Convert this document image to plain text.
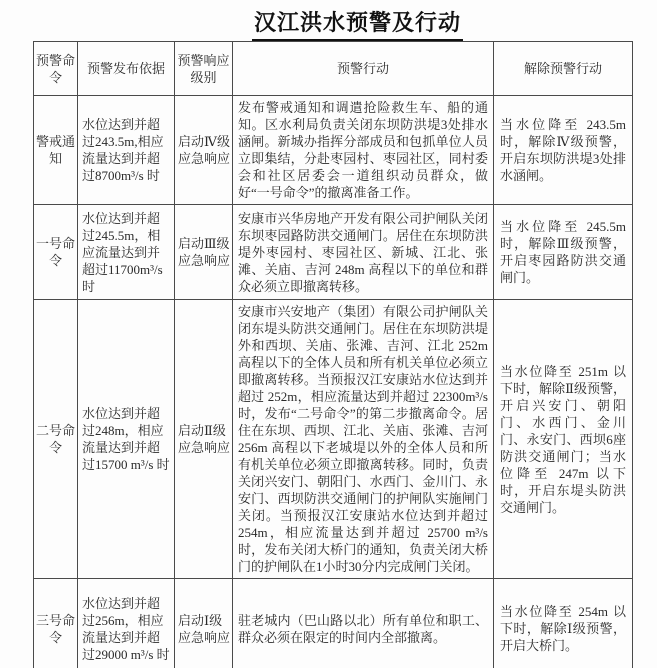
汉江洪水预警及行动
预警命令	预警发布依据	预警响应级别	预警行动	解除预警行动
警戒通知	水位达到并超过243.5m,相应流量达到并超过8700m³/s 时	启动Ⅳ级应急响应	发布警戒通知和调遣抢险救生车、船的通知。区水利局负责关闭东坝防洪堤3处排水涵闸。新城办指挥分部成员和包抓单位人员立即集结，分赴枣园村、枣园社区，同村委会和社区居委会一道组织动员群众，做好“一号命令”的撤离准备工作。	当水位降至 243.5m 时，解除Ⅳ级预警，开启东坝防洪堤3处排水涵闸。
一号命令	水位达到并超过245.5m，相应流量达到并超过11700m³/s 时	启动Ⅲ级应急响应	安康市兴华房地产开发有限公司护闸队关闭东坝枣园路防洪交通闸门。居住在东坝防洪堤外枣园村、枣园社区、新城、江北、张滩、关庙、吉河 248m 高程以下的单位和群众必须立即撤离转移。	当水位降至 245.5m 时，解除Ⅲ级预警，开启枣园路防洪交通闸门。
二号命令	水位达到并超过248m，相应流量达到并超过15700 m³/s 时	启动Ⅱ级应急响应	安康市兴安地产（集团）有限公司护闸队关闭东堤头防洪交通闸门。居住在东坝防洪堤外和西坝、关庙、张滩、吉河、江北 252m 高程以下的全体人员和所有机关单位必须立即撤离转移。当预报汉江安康站水位达到并超过 252m，相应流量达到并超过 22300m³/s 时，发布“二号命令”的第二步撤离命令。居住在东坝、西坝、江北、关庙、张滩、吉河 256m 高程以下老城堤以外的全体人员和所有机关单位必须立即撤离转移。同时，负责关闭兴安门、朝阳门、水西门、金川门、永安门、西坝防洪交通闸门的护闸队实施闸门关闭。当预报汉江安康站水位达到并超过 254m，相应流量达到并超过 25700 m³/s 时，发布关闭大桥门的通知，负责关闭大桥门的护闸队在1小时30分内完成闸门关闭。	当水位降至 251m 以下时，解除Ⅱ级预警，开启兴安门、朝阳门、水西门、金川门、永安门、西坝6座防洪交通闸门；当水位降至 247m 以下时，开启东堤头防洪交通闸门。
三号命令	水位达到并超过256m，相应流量达到并超过29000 m³/s 时	启动Ⅰ级应急响应	驻老城内（巴山路以北）所有单位和职工、群众必须在限定的时间内全部撤离。	当水位降至 254m 以下时，解除Ⅰ级预警，开启大桥门。
